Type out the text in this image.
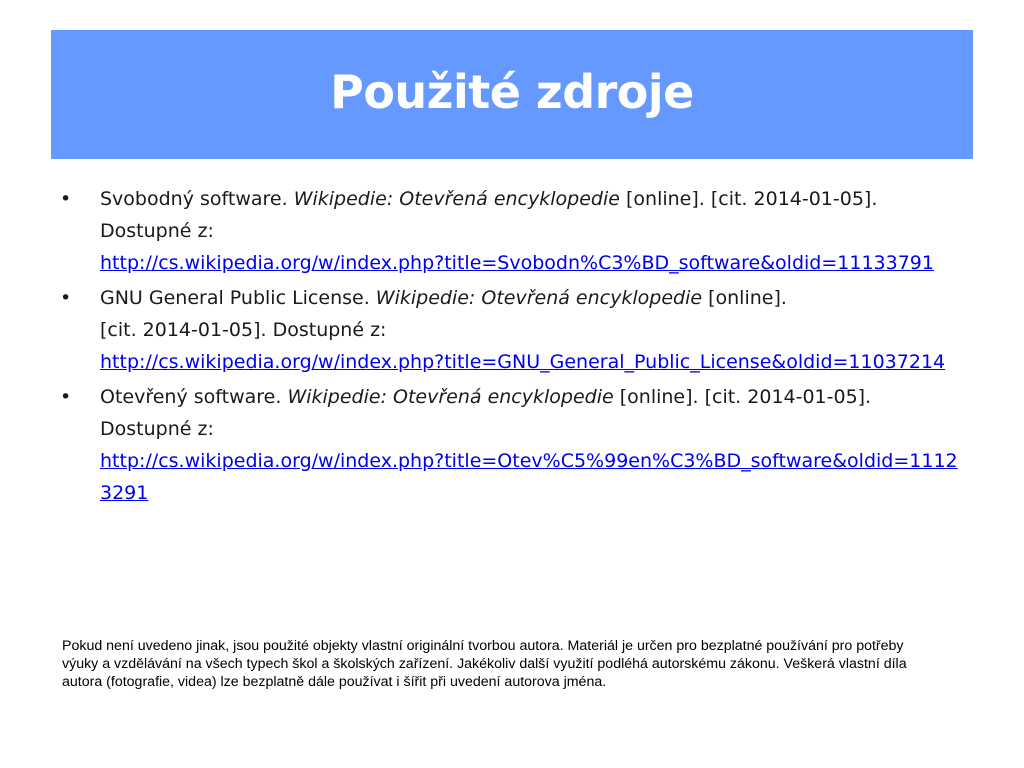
Použité zdroje
•	Svobodný software. Wikipedie: Otevřená encyklopedie [online]. [cit. 2014-01-05].
Dostupné z:
http://cs.wikipedia.org/w/index.php?title=Svobodn%C3%BD_software&oldid=11133791
•	GNU General Public License. Wikipedie: Otevřená encyklopedie [online].
[cit. 2014-01-05]. Dostupné z:
http://cs.wikipedia.org/w/index.php?title=GNU_General_Public_License&oldid=11037214
•	Otevřený software. Wikipedie: Otevřená encyklopedie [online]. [cit. 2014-01-05].
Dostupné z:
http://cs.wikipedia.org/w/index.php?title=Otev%C5%99en%C3%BD_software&oldid=11123291
Pokud není uvedeno jinak, jsou použité objekty vlastní originální tvorbou autora. Materiál je určen pro bezplatné používání pro potřeby výuky a vzdělávání na všech typech škol a školských zařízení. Jakékoliv další využití podléhá autorskému zákonu. Veškerá vlastní díla autora (fotografie, videa) lze bezplatně dále používat i šířit při uvedení autorova jména.
